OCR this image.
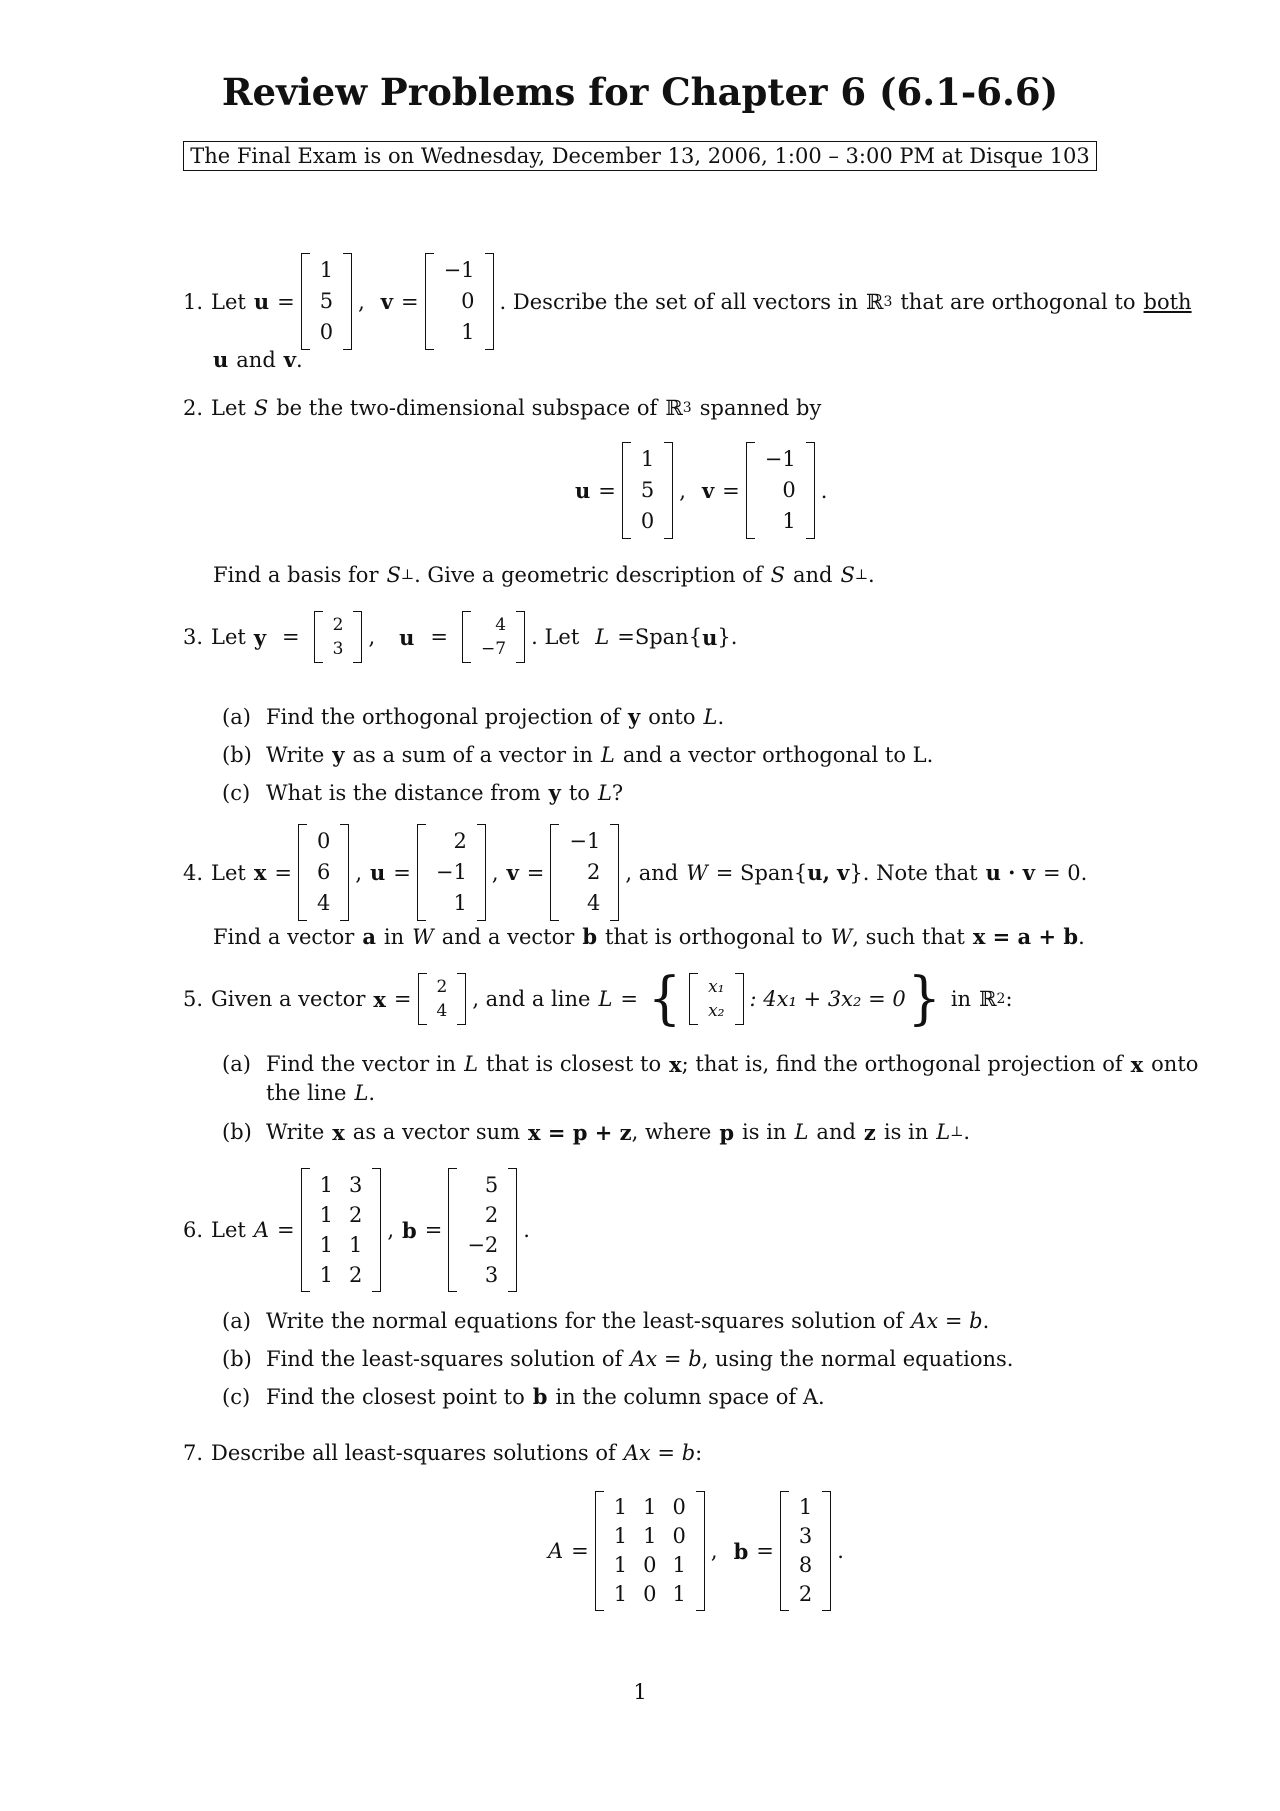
Review Problems for Chapter 6 (6.1-6.6)
The Final Exam is on Wednesday, December 13, 2006, 1:00 – 3:00 PM at Disque 103
1. Let u =
1
5
0
, v =
−1
0
1
. Describe the set of all vectors in ℝ 3 that are orthogonal to both
u and v .
2. Let S be the two-dimensional subspace of ℝ 3 spanned by
u =
1
5
0
, v =
−1
0
1
.
Find a basis for S ⊥ . Give a geometric description of S and S ⊥ .
3. Let y =
2
3 , u =
4
−7 . Let L =Span{ u }.
(a) Find the orthogonal projection of y onto L .
(b) Write y as a sum of a vector in L and a vector orthogonal to L.
(c) What is the distance from y to L ?
4. Let x =
0
6
4
, u =
2
−1
1
, v =
−1
2
4
, and W = Span{ u, v }. Note that u · v = 0.
Find a vector a in W and a vector b that is orthogonal to W , such that x = a + b .
5. Given a vector x =
2
4 , and a line L = { x₁
x₂ : 4x₁ + 3x₂ = 0 } in ℝ 2 :
(a) Find the vector in L that is closest to x ; that is, find the orthogonal projection of x onto
the line L .
(b) Write x as a vector sum x = p + z , where p is in L and z is in L ⊥ .
6. Let A =
1 3
1 2
1 1
1 2
, b =
5
2
−2
3
.
(a) Write the normal equations for the least-squares solution of Ax = b .
(b) Find the least-squares solution of Ax = b , using the normal equations.
(c) Find the closest point to b in the column space of A.
7. Describe all least-squares solutions of Ax = b :
A =
1 1 0
1 1 0
1 0 1
1 0 1
, b =
1
3
8
2
.
1
